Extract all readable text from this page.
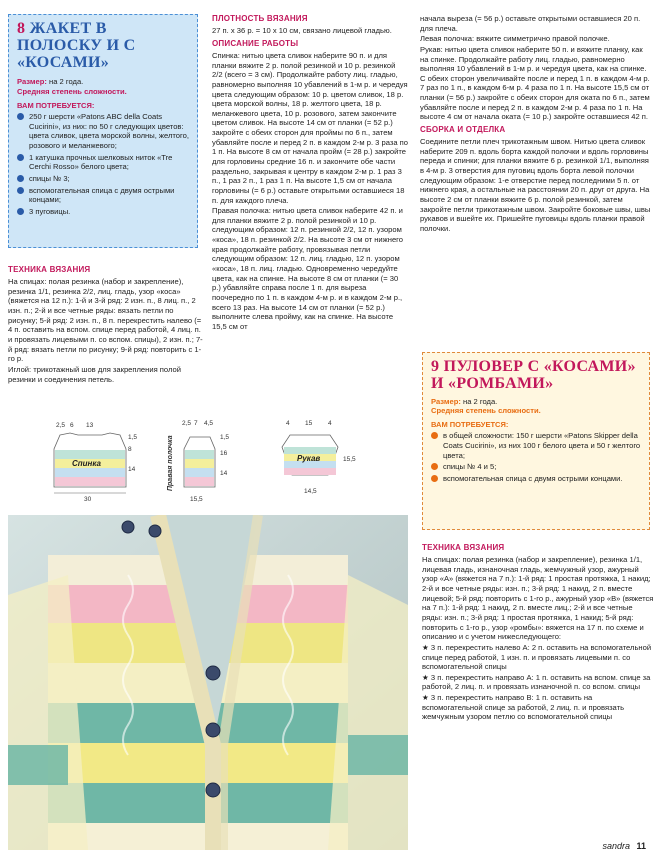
8 ЖАКЕТ В ПОЛОСКУ И С «КОСАМИ»
Размер: на 2 года.
Средняя степень сложности.
ВАМ ПОТРЕБУЕТСЯ:
250 г шерсти «Patons ABC della Coats Cucirini», из них: по 50 г следующих цветов: цвета сливок, цвета морской волны, желтого, розового и меланжевого;
1 катушка прочных шелковых ниток «Tre Cerchi Rosso» белого цвета;
спицы № 3;
вспомогательная спица с двумя острыми концами;
3 пуговицы.
ТЕХНИКА ВЯЗАНИЯ

На спицах: полая резинка (набор и закрепление), резинка 1/1, резинка 2/2, лиц. гладь, узор «коса» (вяжется на 12 п.): 1-й и 3-й ряд: 2 изн. п., 8 лиц. п., 2 изн. п.; 2-й и все четные ряды: вязать петли по рисунку; 5-й ряд: 2 изн. п., 8 п. перекрестить налево (= 4 п. оставить на вспом. спице перед работой, 4 лиц. п. и провязать лицевыми п. со вспом. спицы), 2 изн. п.; 7-й ряд: вязать петли по рисунку; 9-й ряд: повторить с 1-го р.

Иглой: трикотажный шов для закрепления полой резинки и соединения петель.

ПЛОТНОСТЬ ВЯЗАНИЯ

27 п. х 36 р. = 10 х 10 см, связано лицевой гладью.

ОПИСАНИЕ РАБОТЫ

Спинка: нитью цвета сливок наберите 90 п. и для планки вяжите 2 р. полой резинкой и 10 р. резинкой 2/2 (всего = 3 см). Продолжайте работу лиц. гладью, равномерно выполняя 10 убавлений в 1-м р. и чередуя цвета следующим образом: 10 р. цветом сливок, 18 р. цвета морской волны, 18 р. желтого цвета, 18 р. меланжевого цвета, 10 р. розового, затем закончите цветом сливок. На высоте 14 см от планки (= 52 р.) закройте с обеих сторон для проймы по 6 п., затем убавляйте после и перед 2 п. в каждом 2-м р. 3 раза по 1 п. На высоте 8 см от начала пройм (= 28 р.) закройте для горловины средние 16 п. и закончите обе части раздельно, закрывая к центру в каждом 2-м р. 1 раз 3 п., 1 раз 2 п., 1 раз 1 п. На высоте 1,5 см от начала горловины (= 6 р.) оставьте открытыми оставшиеся 18 п. для каждого плеча.

Правая полочка: нитью цвета сливок наберите 42 п. и для планки вяжите 2 р. полой резинкой и 10 р. следующим образом: 12 п. резинкой 2/2, 12 п. узором «коса», 18 п. резинкой 2/2. На высоте 3 см от нижнего края продолжайте работу, провязывая петли следующим образом: 12 п. лиц. гладью, 12 п. узором «коса», 18 п. лиц. гладью. Одновременно чередуйте цвета, как на спинке. На высоте 8 см от планки (= 30 р.) убавляйте справа после 1 п. для выреза поочередно по 1 п. в каждом 4-м р. и в каждом 2-м р., всего 13 раз. На высоте 14 см от планки (= 52 р.) выполните слева пройму, как на спинке. На высоте 15,5 см от

начала выреза (= 56 р.) оставьте открытыми оставшиеся 20 п. для плеча.

Левая полочка: вяжите симметрично правой полочке.

Рукав: нитью цвета сливок наберите 50 п. и вяжите планку, как на спинке. Продолжайте работу лиц. гладью, равномерно выполняя 10 убавлений в 1-м р. и чередуя цвета, как на спинке. С обеих сторон увеличивайте после и перед 1 п. в каждом 4-м р. 7 раз по 1 п., в каждом 6-м р. 4 раза по 1 п. На высоте 15,5 см от планки (= 56 р.) закройте с обеих сторон для оката по 6 п., затем убавляйте после и перед 2 п. в каждом 2-м р. 4 раза по 1 п. На высоте 4 см от начала оката (= 10 р.) закройте оставшиеся 42 п.

СБОРКА И ОТДЕЛКА

Соедините петли плеч трикотажным швом. Нитью цвета сливок наберите 209 п. вдоль борта каждой полочки и вдоль горловины переда и спинки; для планки вяжите 6 р. резинкой 1/1, выполняя в 4-м р. 3 отверстия для пуговиц вдоль борта левой полочки следующим образом: 1-е отверстие перед последними 5 п. от нижнего края, а остальные на расстоянии 20 п. друг от друга. На высоте 2 см от планки вяжите 6 р. полой резинкой, затем закройте петли трикотажным швом. Закройте боковые швы, швы рукавов и вшейте их. Пришейте пуговицы вдоль планки правой полочки.

9 ПУЛОВЕР С «КОСАМИ» И «РОМБАМИ»
Размер: на 2 года.
Средняя степень сложности.
ВАМ ПОТРЕБУЕТСЯ:
в общей сложности: 150 г шерсти «Patons Skipper della Coats Cucirini», из них 100 г белого цвета и 50 г желтого цвета;
спицы № 4 и 5;
вспомогательная спица с двумя острыми концами.
ТЕХНИКА ВЯЗАНИЯ

На спицах: полая резинка (набор и закрепление), резинка 1/1, лицевая гладь, изнаночная гладь, жемчужный узор, ажурный узор «А» (вяжется на 7 п.): 1-й ряд: 1 простая протяжка, 1 накид; 2-й и все четные ряды: изн. п.; 3-й ряд: 1 накид, 2 п. вместе лицевой; 5-й ряд: повторить с 1-го р., ажурный узор «В» (вяжется на 7 п.): 1-й ряд: 1 накид, 2 п. вместе лиц.; 2-й и все четные ряды: изн. п.; 3-й ряд: 1 простая протяжка, 1 накид; 5-й ряд: повторить с 1-го р., узор «ромбы»: вяжется на 17 п. по схеме и описанию и с учетом нижеследующего:

★ 3 п. перекрестить налево А: 2 п. оставить на вспомогательной спице перед работой, 1 изн. п. и провязать лицевыми п. со вспомогательной спицы

★ 3 п. перекрестить направо А: 1 п. оставить на вспом. спице за работой, 2 лиц. п. и провязать изнаночной п. со вспом. спицы

★ 3 п. перекрестить направо В: 1 п. оставить на вспомогательной спице за работой, 2 лиц. п. и провязать жемчужным узором петлю со вспомогательной спицы

Спинка
2,5 6 13
1,5
8
14
30
2,5 7 4,5
1,5
16
14
15,5
Правая полочка	Рукав
4 15 4
15,5
14,5
sandra 11
